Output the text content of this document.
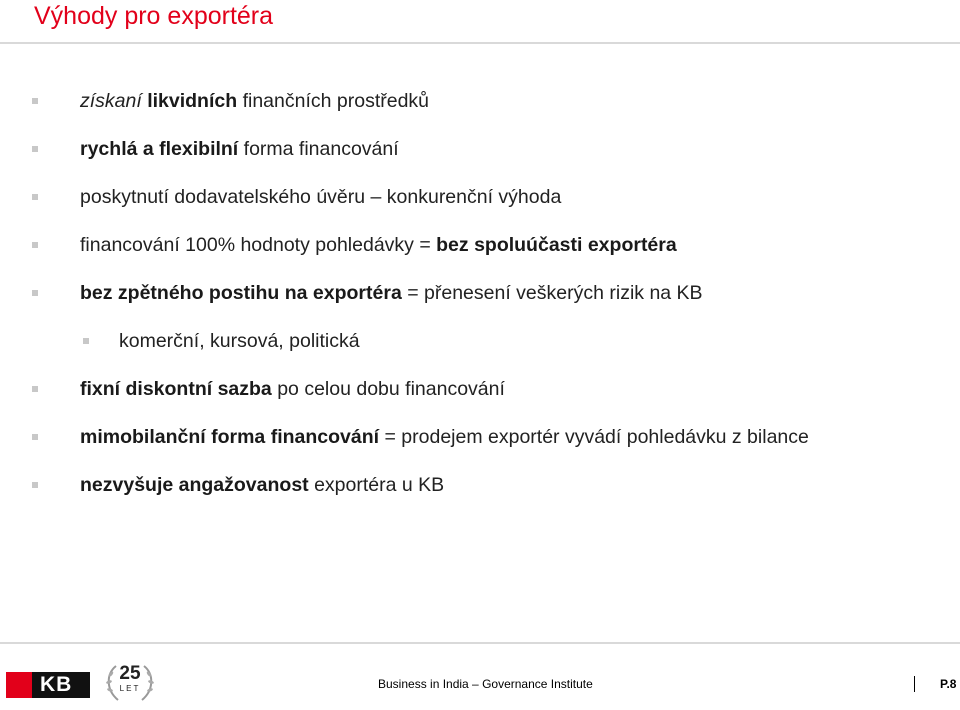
Výhody pro exportéra
získaní likvidních finančních prostředků
rychlá a flexibilní forma financování
poskytnutí dodavatelského úvěru – konkurenční výhoda
financování 100% hodnoty pohledávky = bez spoluúčasti exportéra
bez zpětného postihu na exportéra = přenesení veškerých rizik na KB
komerční, kursová, politická
fixní diskontní sazba po celou dobu financování
mimobilanční forma financování = prodejem exportér vyvádí pohledávku z bilance
nezvyšuje angažovanost exportéra u KB
KB	25
LET	Business in India – Governance Institute	P.8
